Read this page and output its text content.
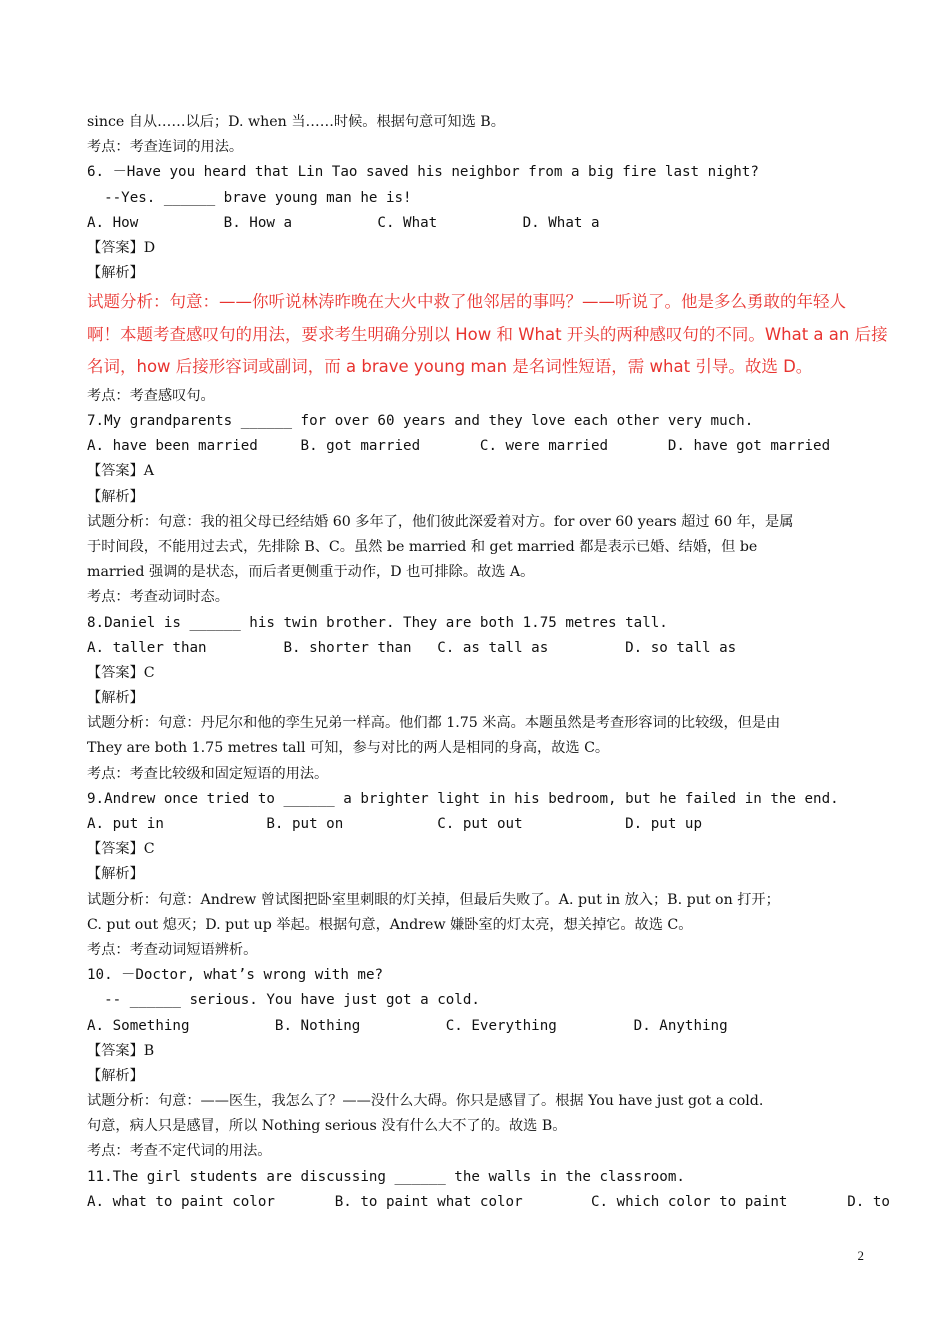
since 自从……以后；D. when 当……时候。根据句意可知选 B。
考点：考查连词的用法。
6. －Have you heard that Lin Tao saved his neighbor from a big fire last night?
--Yes. ______ brave young man he is!
A. How          B. How a          C. What          D. What a
【答案】D
【解析】
试题分析：句意：——你听说林涛昨晚在大火中救了他邻居的事吗？——听说了。他是多么勇敢的年轻人
啊！本题考查感叹句的用法，要求考生明确分别以 How 和 What 开头的两种感叹句的不同。What a an 后接
名词，how 后接形容词或副词，而 a brave young man 是名词性短语，需 what 引导。故选 D。
考点：考查感叹句。
7.My grandparents ______ for over 60 years and they love each other very much.
A. have been married     B. got married       C. were married       D. have got married
【答案】A
【解析】
试题分析：句意：我的祖父母已经结婚 60 多年了，他们彼此深爱着对方。for over 60 years 超过 60 年，是属
于时间段，不能用过去式，先排除 B、C。虽然 be married 和 get married 都是表示已婚、结婚，但 be
married 强调的是状态，而后者更侧重于动作，D 也可排除。故选 A。
考点：考查动词时态。
8.Daniel is ______ his twin brother. They are both 1.75 metres tall.
A. taller than         B. shorter than   C. as tall as         D. so tall as
【答案】C
【解析】
试题分析：句意：丹尼尔和他的孪生兄弟一样高。他们都 1.75 米高。本题虽然是考查形容词的比较级，但是由
They are both 1.75 metres tall 可知，参与对比的两人是相同的身高，故选 C。
考点：考查比较级和固定短语的用法。
9.Andrew once tried to ______ a brighter light in his bedroom, but he failed in the end.
A. put in            B. put on           C. put out            D. put up
【答案】C
【解析】
试题分析：句意：Andrew 曾试图把卧室里刺眼的灯关掉，但最后失败了。A. put in 放入；B. put on 打开；
C. put out 熄灭；D. put up 举起。根据句意，Andrew 嫌卧室的灯太亮，想关掉它。故选 C。
考点：考查动词短语辨析。
10. －Doctor, what’s wrong with me?
-- ______ serious. You have just got a cold.
A. Something          B. Nothing          C. Everything         D. Anything
【答案】B
【解析】
试题分析：句意：——医生，我怎么了？——没什么大碍。你只是感冒了。根据 You have just got a cold.
句意，病人只是感冒，所以 Nothing serious 没有什么大不了的。故选 B。
考点：考查不定代词的用法。
11.The girl students are discussing ______ the walls in the classroom.
A. what to paint color       B. to paint what color        C. which color to paint       D. to
2
